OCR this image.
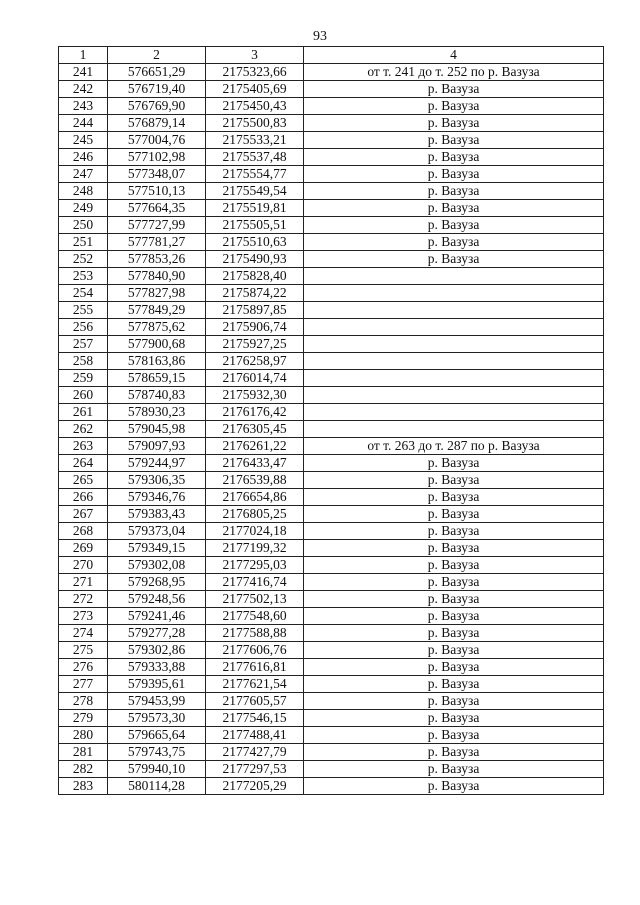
93
1	2	3	4
241	576651,29	2175323,66	от т. 241 до т. 252 по р. Вазуза
242	576719,40	2175405,69	р. Вазуза
243	576769,90	2175450,43	р. Вазуза
244	576879,14	2175500,83	р. Вазуза
245	577004,76	2175533,21	р. Вазуза
246	577102,98	2175537,48	р. Вазуза
247	577348,07	2175554,77	р. Вазуза
248	577510,13	2175549,54	р. Вазуза
249	577664,35	2175519,81	р. Вазуза
250	577727,99	2175505,51	р. Вазуза
251	577781,27	2175510,63	р. Вазуза
252	577853,26	2175490,93	р. Вазуза
253	577840,90	2175828,40	
254	577827,98	2175874,22	
255	577849,29	2175897,85	
256	577875,62	2175906,74	
257	577900,68	2175927,25	
258	578163,86	2176258,97	
259	578659,15	2176014,74	
260	578740,83	2175932,30	
261	578930,23	2176176,42	
262	579045,98	2176305,45	
263	579097,93	2176261,22	от т. 263 до т. 287 по р. Вазуза
264	579244,97	2176433,47	р. Вазуза
265	579306,35	2176539,88	р. Вазуза
266	579346,76	2176654,86	р. Вазуза
267	579383,43	2176805,25	р. Вазуза
268	579373,04	2177024,18	р. Вазуза
269	579349,15	2177199,32	р. Вазуза
270	579302,08	2177295,03	р. Вазуза
271	579268,95	2177416,74	р. Вазуза
272	579248,56	2177502,13	р. Вазуза
273	579241,46	2177548,60	р. Вазуза
274	579277,28	2177588,88	р. Вазуза
275	579302,86	2177606,76	р. Вазуза
276	579333,88	2177616,81	р. Вазуза
277	579395,61	2177621,54	р. Вазуза
278	579453,99	2177605,57	р. Вазуза
279	579573,30	2177546,15	р. Вазуза
280	579665,64	2177488,41	р. Вазуза
281	579743,75	2177427,79	р. Вазуза
282	579940,10	2177297,53	р. Вазуза
283	580114,28	2177205,29	р. Вазуза
